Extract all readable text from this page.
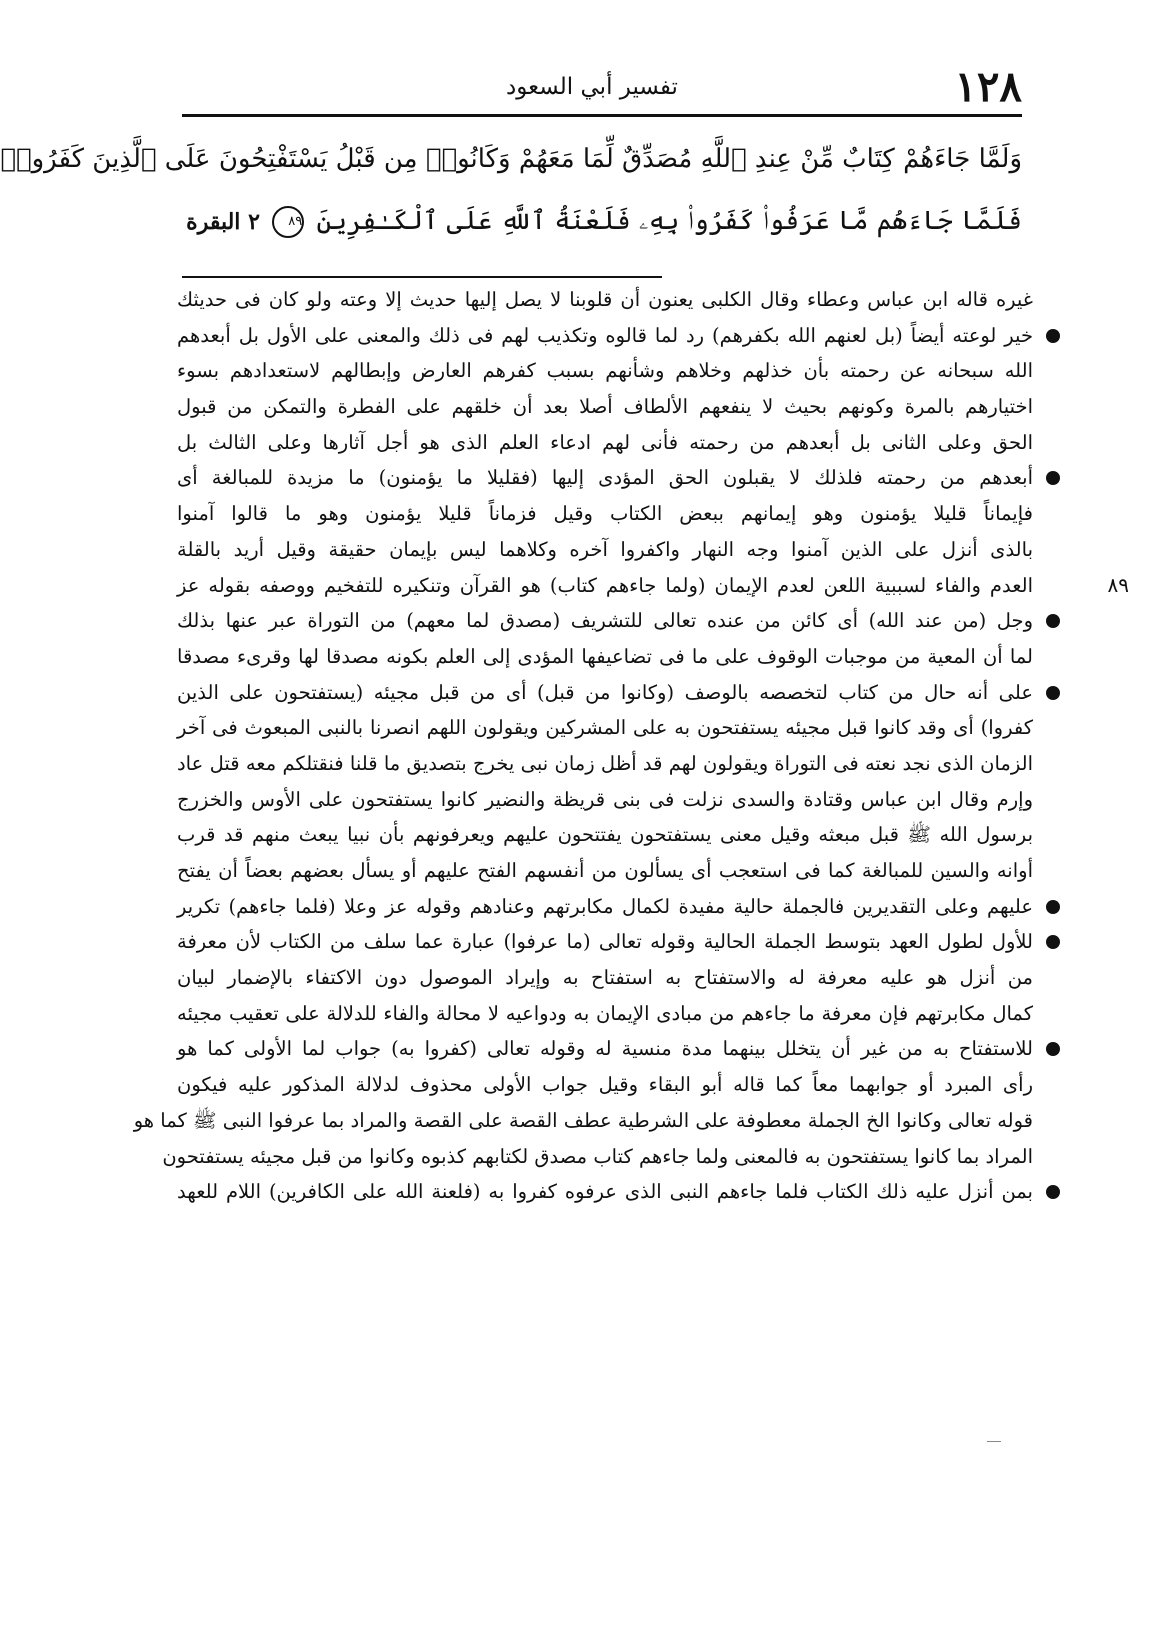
١٢٨
تفسير أبي السعود
وَلَمَّا جَاءَهُمْ كِتَابٌ مِّنْ عِندِ ٱللَّهِ مُصَدِّقٌ لِّمَا مَعَهُمْ وَكَانُوا۟ مِن قَبْلُ يَسْتَفْتِحُونَ عَلَى ٱلَّذِينَ كَفَرُوا۟
فَلَمَّا جَاءَهُم مَّا عَرَفُوا۟ كَفَرُوا۟ بِهِۦ فَلَعْنَةُ ٱللَّهِ عَلَى ٱلْكَـٰفِرِينَ ٨٩ ٢ البقرة
غيره قاله ابن عباس وعطاء وقال الكلبى يعنون أن قلوبنا لا يصل إليها حديث إلا وعته ولو كان فى حديثك
خير لوعته أيضاً (بل لعنهم الله بكفرهم) رد لما قالوه وتكذيب لهم فى ذلك والمعنى على الأول بل أبعدهم
الله سبحانه عن رحمته بأن خذلهم وخلاهم وشأنهم بسبب كفرهم العارض وإبطالهم لاستعدادهم بسوء
اختيارهم بالمرة وكونهم بحيث لا ينفعهم الألطاف أصلا بعد أن خلقهم على الفطرة والتمكن من قبول
الحق وعلى الثانى بل أبعدهم من رحمته فأنى لهم ادعاء العلم الذى هو أجل آثارها وعلى الثالث بل
أبعدهم من رحمته فلذلك لا يقبلون الحق المؤدى إليها (فقليلا ما يؤمنون) ما مزيدة للمبالغة أى
فإيماناً قليلا يؤمنون وهو إيمانهم ببعض الكتاب وقيل فزماناً قليلا يؤمنون وهو ما قالوا آمنوا
بالذى أنزل على الذين آمنوا وجه النهار واكفروا آخره وكلاهما ليس بإيمان حقيقة وقيل أريد بالقلة
٨٩
العدم والفاء لسببية اللعن لعدم الإيمان (ولما جاءهم كتاب) هو القرآن وتنكيره للتفخيم ووصفه بقوله عز
وجل (من عند الله) أى كائن من عنده تعالى للتشريف (مصدق لما معهم) من التوراة عبر عنها بذلك
لما أن المعية من موجبات الوقوف على ما فى تضاعيفها المؤدى إلى العلم بكونه مصدقا لها وقرىء مصدقا
على أنه حال من كتاب لتخصصه بالوصف (وكانوا من قبل) أى من قبل مجيئه (يستفتحون على الذين
كفروا) أى وقد كانوا قبل مجيئه يستفتحون به على المشركين ويقولون اللهم انصرنا بالنبى المبعوث فى آخر
الزمان الذى نجد نعته فى التوراة ويقولون لهم قد أظل زمان نبى يخرج بتصديق ما قلنا فنقتلكم معه قتل عاد
وإرم وقال ابن عباس وقتادة والسدى نزلت فى بنى قريظة والنضير كانوا يستفتحون على الأوس والخزرج
برسول الله ﷺ قبل مبعثه وقيل معنى يستفتحون يفتتحون عليهم ويعرفونهم بأن نبيا يبعث منهم قد قرب
أوانه والسين للمبالغة كما فى استعجب أى يسألون من أنفسهم الفتح عليهم أو يسأل بعضهم بعضاً أن يفتح
عليهم وعلى التقديرين فالجملة حالية مفيدة لكمال مكابرتهم وعنادهم وقوله عز وعلا (فلما جاءهم) تكرير
للأول لطول العهد بتوسط الجملة الحالية وقوله تعالى (ما عرفوا) عبارة عما سلف من الكتاب لأن معرفة
من أنزل هو عليه معرفة له والاستفتاح به استفتاح به وإيراد الموصول دون الاكتفاء بالإضمار لبيان
كمال مكابرتهم فإن معرفة ما جاءهم من مبادى الإيمان به ودواعيه لا محالة والفاء للدلالة على تعقيب مجيئه
للاستفتاح به من غير أن يتخلل بينهما مدة منسية له وقوله تعالى (كفروا به) جواب لما الأولى كما هو
رأى المبرد أو جوابهما معاً كما قاله أبو البقاء وقيل جواب الأولى محذوف لدلالة المذكور عليه فيكون
قوله تعالى وكانوا الخ الجملة معطوفة على الشرطية عطف القصة على القصة والمراد بما عرفوا النبى ﷺ كما هو
المراد بما كانوا يستفتحون به فالمعنى ولما جاءهم كتاب مصدق لكتابهم كذبوه وكانوا من قبل مجيئه يستفتحون
بمن أنزل عليه ذلك الكتاب فلما جاءهم النبى الذى عرفوه كفروا به (فلعنة الله على الكافرين) اللام للعهد
